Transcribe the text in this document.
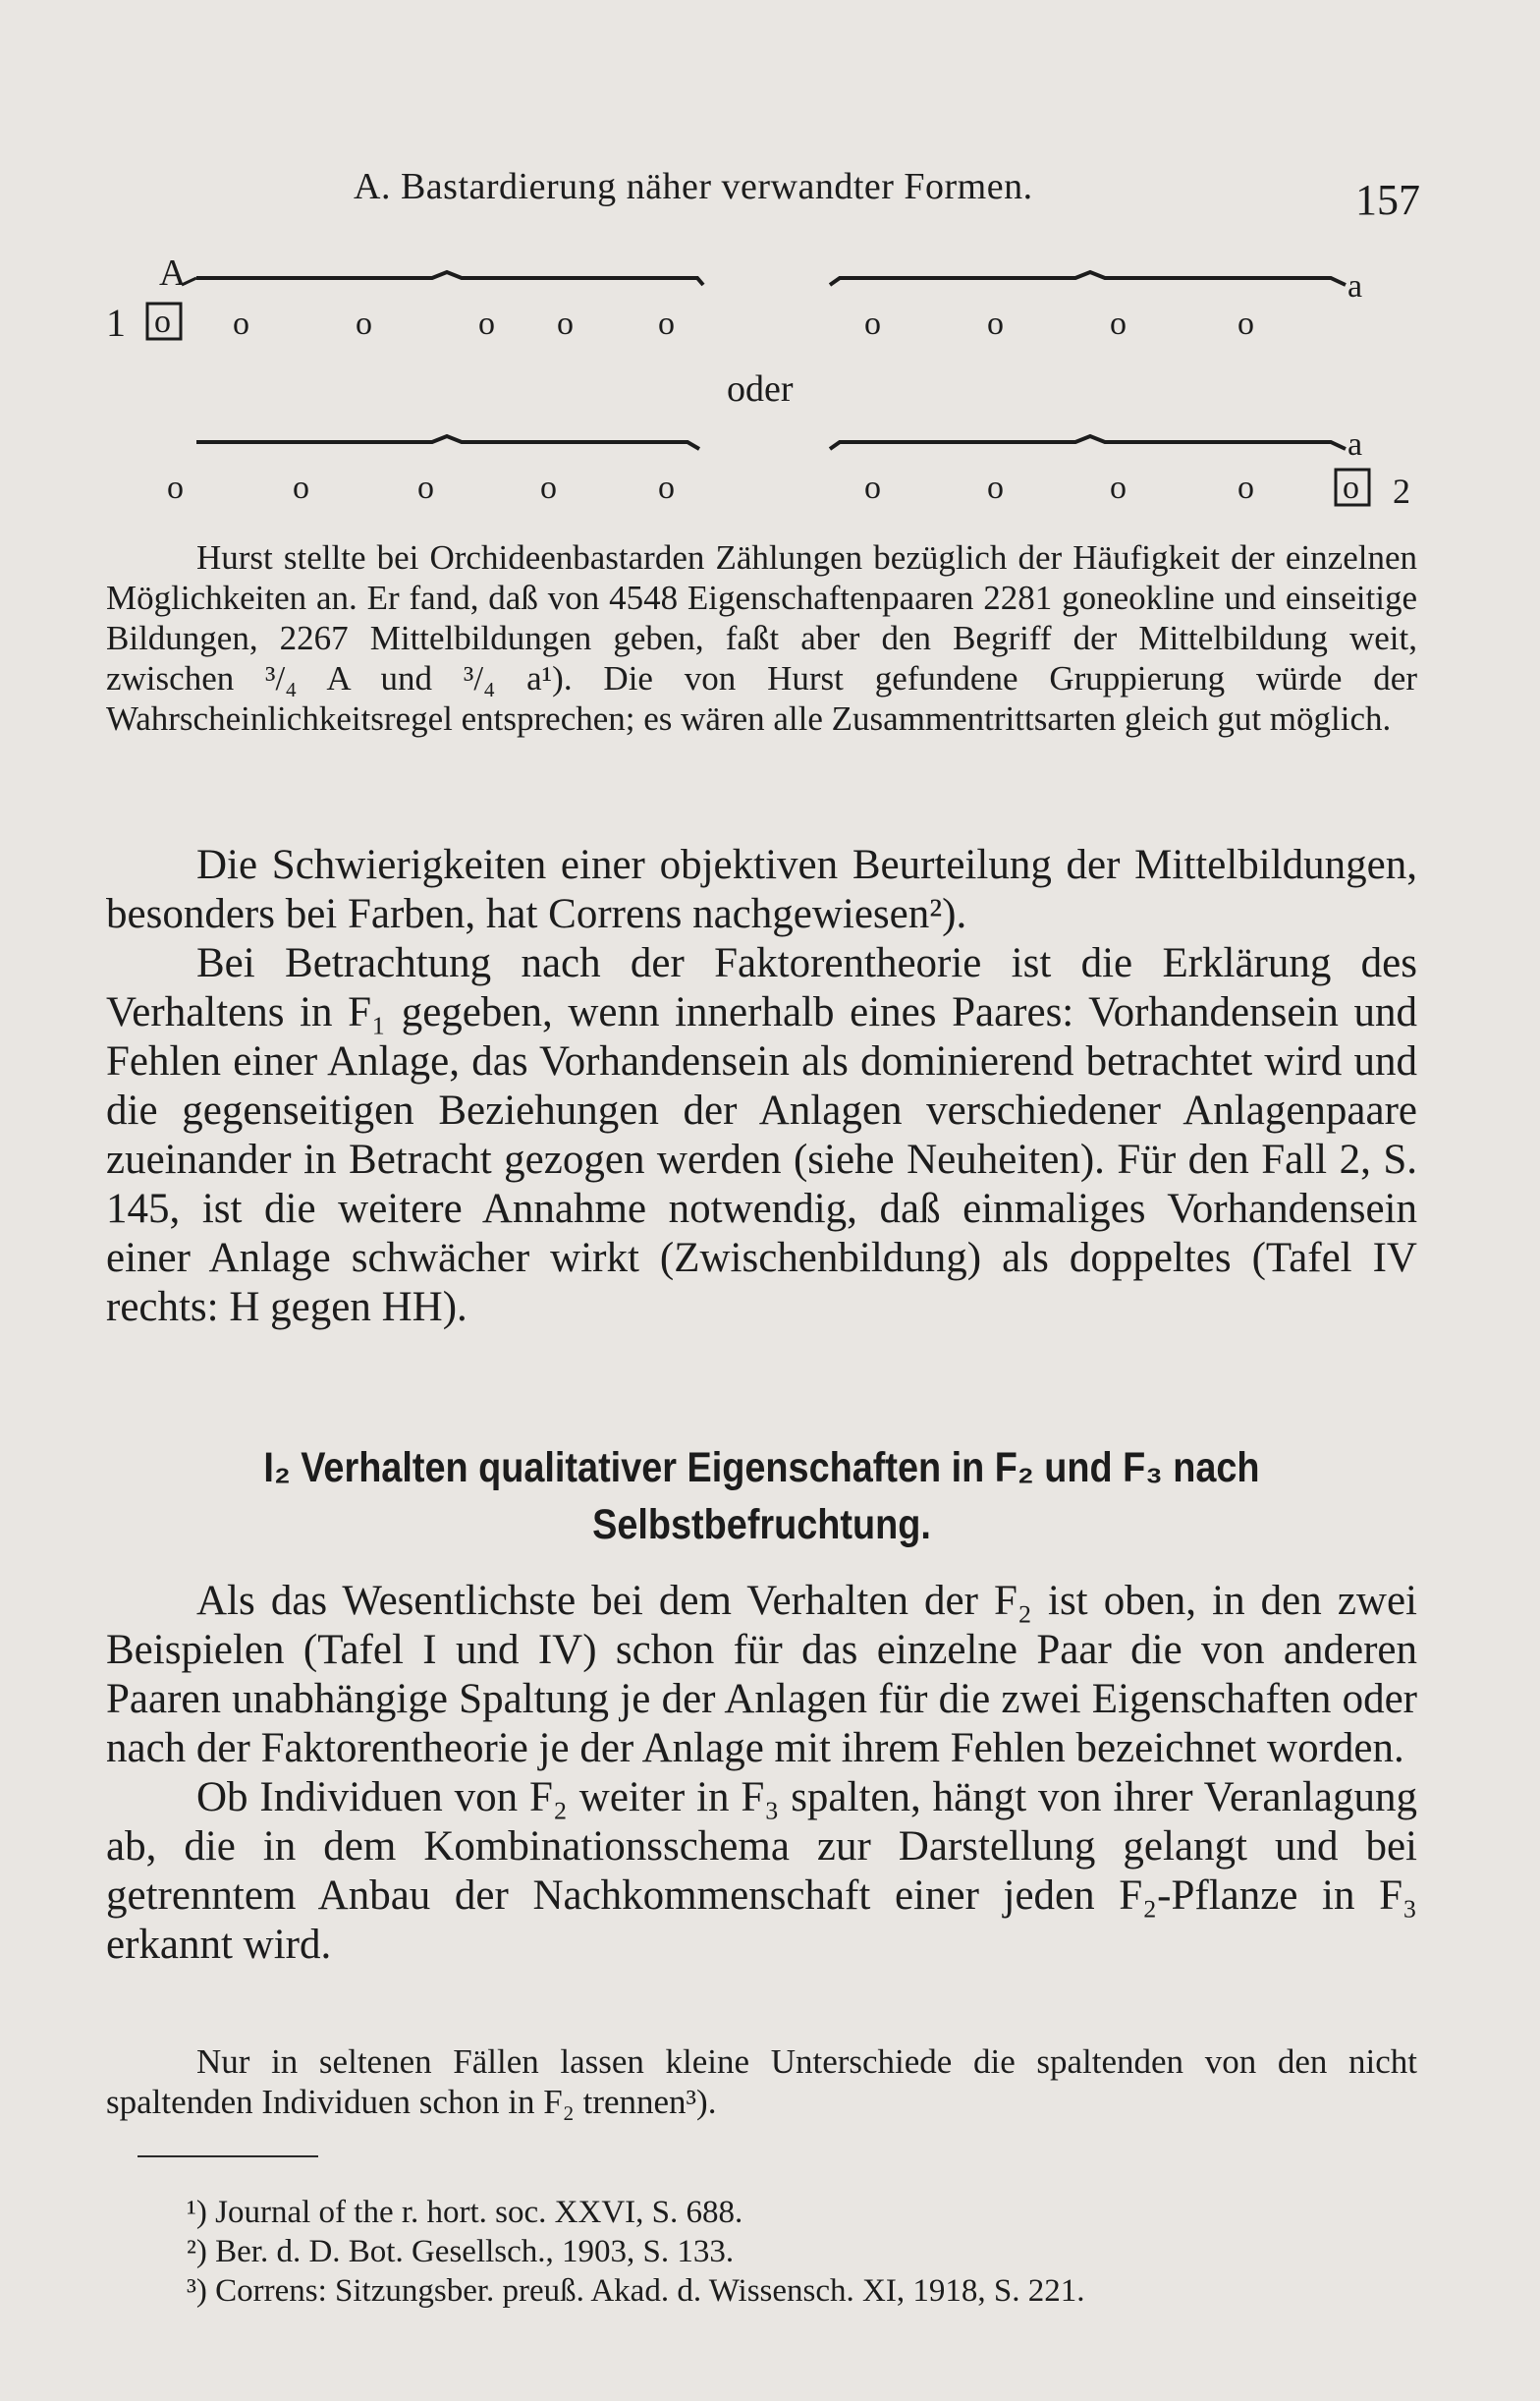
A. Bastardierung näher verwandter Formen.	157
A	a
a
1
2
oder
o
o
o	o	o o	o	o	o	o	o
o	o	o	o	o	o	o	o	o

Hurst stellte bei Orchideenbastarden Zählungen bezüglich der Häufigkeit der einzelnen Möglichkeiten an. Er fand, daß von 4548 Eigenschaftenpaaren 2281 goneokline und einseitige Bildungen, 2267 Mittelbildungen geben, faßt aber den Begriff der Mittelbildung weit, zwischen ³/₄ A und ³/₄ a¹). Die von Hurst gefundene Gruppierung würde der Wahrscheinlichkeitsregel entsprechen; es wären alle Zusammentrittsarten gleich gut möglich.

Die Schwierigkeiten einer objektiven Beurteilung der Mittelbildungen, besonders bei Farben, hat Correns nachgewiesen²).

Bei Betrachtung nach der Faktorentheorie ist die Erklärung des Verhaltens in F₁ gegeben, wenn innerhalb eines Paares: Vorhandensein und Fehlen einer Anlage, das Vorhandensein als dominierend betrachtet wird und die gegenseitigen Beziehungen der Anlagen verschiedener Anlagenpaare zueinander in Betracht gezogen werden (siehe Neuheiten). Für den Fall 2, S. 145, ist die weitere Annahme notwendig, daß einmaliges Vorhandensein einer Anlage schwächer wirkt (Zwischenbildung) als doppeltes (Tafel IV rechts: H gegen HH).

I₂ Verhalten qualitativer Eigenschaften in F₂ und F₃ nach Selbstbefruchtung.

Als das Wesentlichste bei dem Verhalten der F₂ ist oben, in den zwei Beispielen (Tafel I und IV) schon für das einzelne Paar die von anderen Paaren unabhängige Spaltung je der Anlagen für die zwei Eigenschaften oder nach der Faktorentheorie je der Anlage mit ihrem Fehlen bezeichnet worden.

Ob Individuen von F₂ weiter in F₃ spalten, hängt von ihrer Veranlagung ab, die in dem Kombinationsschema zur Darstellung gelangt und bei getrenntem Anbau der Nachkommenschaft einer jeden F₂-Pflanze in F₃ erkannt wird.

Nur in seltenen Fällen lassen kleine Unterschiede die spaltenden von den nicht spaltenden Individuen schon in F₂ trennen³).

¹) Journal of the r. hort. soc. XXVI, S. 688.
²) Ber. d. D. Bot. Gesellsch., 1903, S. 133.
³) Correns: Sitzungsber. preuß. Akad. d. Wissensch. XI, 1918, S. 221.
